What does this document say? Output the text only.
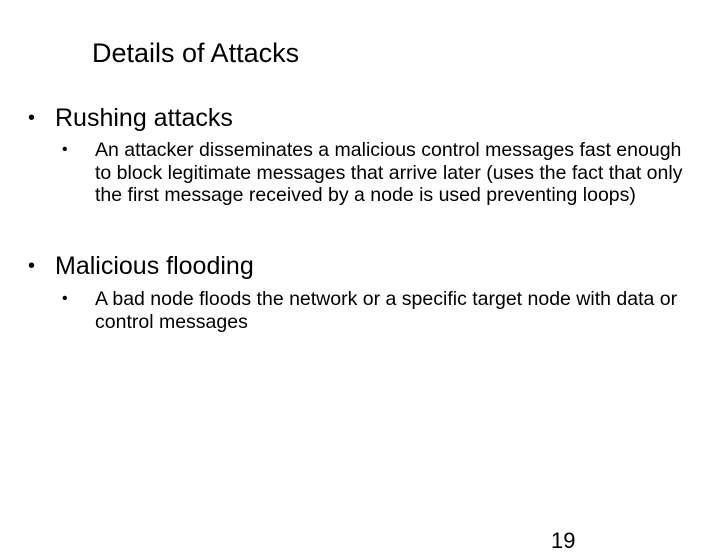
Details of Attacks
• Rushing attacks
• An attacker disseminates a malicious control messages fast enough to block legitimate messages that arrive later (uses the fact that only the first message received by a node is used preventing loops)
• Malicious flooding
• A bad node floods the network or a specific target node with data or control messages
19
